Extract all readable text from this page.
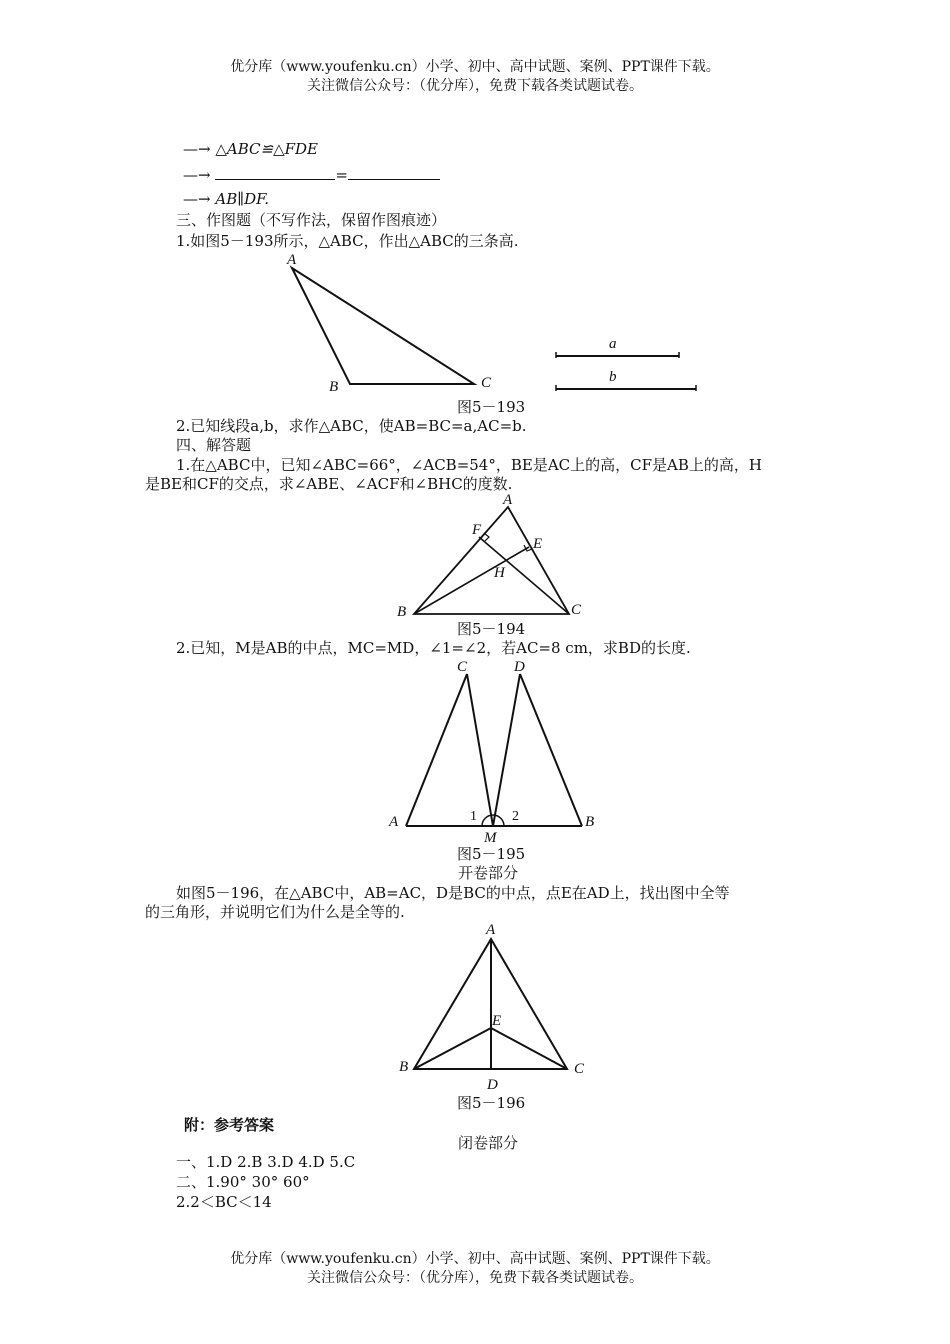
优分库（www.youfenku.cn）小学、初中、高中试题、案例、PPT课件下载。
关注微信公众号：（优分库），免费下载各类试题试卷。
—→ △ABC≌△FDE
—→	=
—→ AB∥DF.
三、作图题（不写作法，保留作图痕迹）
1.如图5－193所示，△ABC，作出△ABC的三条高.
A
B	C
a
b
A
B	C
E
F
H
C	D
A	B
M
1	2
A
B	C
D
E
图5－193
2.已知线段a,b，求作△ABC，使AB=BC=a,AC=b.
四、解答题
1.在△ABC中，已知∠ABC=66°，∠ACB=54°，BE是AC上的高，CF是AB上的高，H
是BE和CF的交点，求∠ABE、∠ACF和∠BHC的度数.
图5－194
2.已知，M是AB的中点，MC=MD，∠1=∠2，若AC=8 cm，求BD的长度.
图5－195
开卷部分
如图5－196，在△ABC中，AB=AC，D是BC的中点，点E在AD上，找出图中全等
的三角形，并说明它们为什么是全等的.
图5－196
附：参考答案
闭卷部分
一、1.D 2.B 3.D 4.D 5.C
二、1.90° 30° 60°
2.2＜BC＜14
优分库（www.youfenku.cn）小学、初中、高中试题、案例、PPT课件下载。
关注微信公众号：（优分库），免费下载各类试题试卷。
